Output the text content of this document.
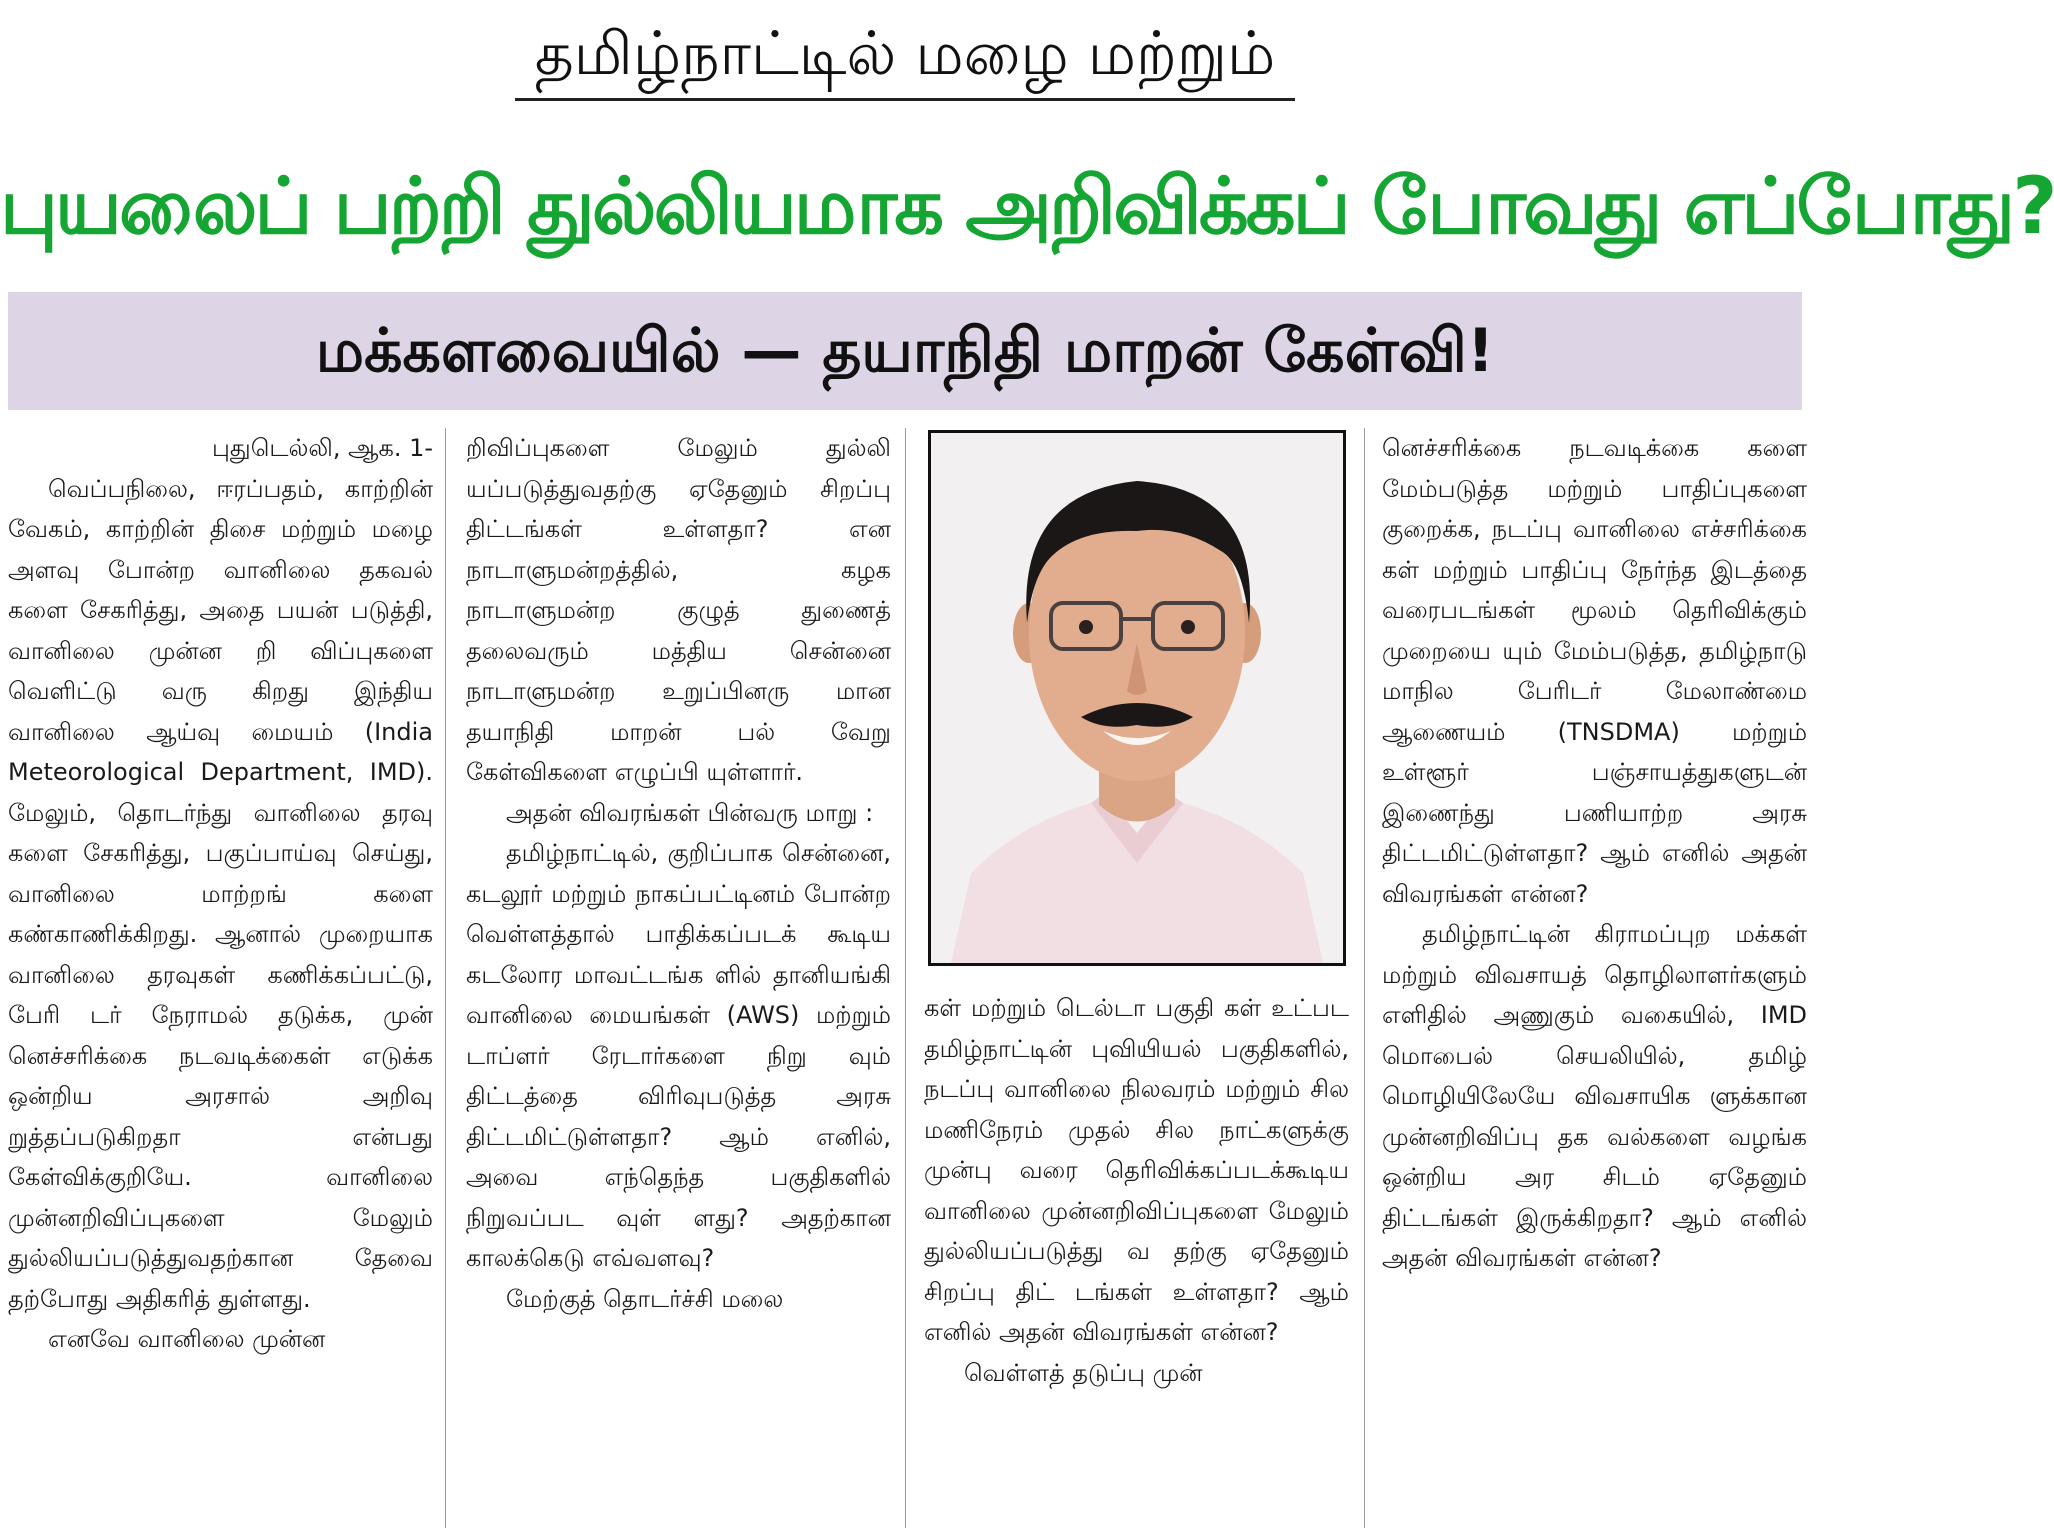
தமிழ்நாட்டில் மழை மற்றும்
புயலைப் பற்றி துல்லியமாக அறிவிக்கப் போவது எப்போது?
மக்களவையில் — தயாநிதி மாறன் கேள்வி!

புதுடெல்லி, ஆக. 1-

வெப்பநிலை, ஈரப்பதம், காற்றின் வேகம், காற்றின் திசை மற்றும் மழை அளவு போன்ற வானிலை தகவல் களை சேகரித்து, அதை பயன் படுத்தி, வானிலை முன்ன றி விப்புகளை வெளிட்டு வரு கிறது இந்திய வானிலை ஆய்வு மையம் (India Meteorological Department, IMD). மேலும், தொடர்ந்து வானிலை தரவு களை சேகரித்து, பகுப்பாய்வு செய்து, வானிலை மாற்றங் களை கண்காணிக்கிறது. ஆனால் முறையாக வானிலை தரவுகள் கணிக்கப்பட்டு, பேரி டர் நேராமல் தடுக்க, முன் னெச்சரிக்கை நடவடிக்கைள் எடுக்க ஒன்றிய அரசால் அறிவு றுத்தப்படுகிறதா என்பது கேள்விக்குறியே. வானிலை முன்னறிவிப்புகளை மேலும் துல்லியப்படுத்துவதற்கான தேவை தற்போது அதிகரித் துள்ளது.

எனவே வானிலை முன்ன

றிவிப்புகளை மேலும் துல்லி யப்படுத்துவதற்கு ஏதேனும் சிறப்பு திட்டங்கள் உள்ளதா? என நாடாளுமன்றத்தில், கழக நாடாளுமன்ற குழுத் துணைத் தலைவரும் மத்திய சென்னை நாடாளுமன்ற உறுப்பினரு மான தயாநிதி மாறன் பல் வேறு கேள்விகளை எழுப்பி யுள்ளார்.

அதன் விவரங்கள் பின்வரு மாறு :

தமிழ்நாட்டில், குறிப்பாக சென்னை, கடலூர் மற்றும் நாகப்பட்டினம் போன்ற வெள்ளத்தால் பாதிக்கப்படக் கூடிய கடலோர மாவட்டங்க ளில் தானியங்கி வானிலை மையங்கள் (AWS) மற்றும் டாப்ளர் ரேடார்களை நிறு வும் திட்டத்தை விரிவுபடுத்த அரசு திட்டமிட்டுள்ளதா? ஆம் எனில், அவை எந்தெந்த பகுதிகளில் நிறுவப்பட வுள் ளது? அதற்கான காலக்கெடு எவ்வளவு?

மேற்குத் தொடர்ச்சி மலை

கள் மற்றும் டெல்டா பகுதி கள் உட்பட தமிழ்நாட்டின் புவியியல் பகுதிகளில், நடப்பு வானிலை நிலவரம் மற்றும் சில மணிநேரம் முதல் சில நாட்களுக்கு முன்பு வரை தெரிவிக்கப்படக்கூடிய வானிலை முன்னறிவிப்புகளை மேலும் துல்லியப்படுத்து வ தற்கு ஏதேனும் சிறப்பு திட் டங்கள் உள்ளதா? ஆம் எனில் அதன் விவரங்கள் என்ன?

வெள்ளத் தடுப்பு முன்

னெச்சரிக்கை நடவடிக்கை களை மேம்படுத்த மற்றும் பாதிப்புகளை குறைக்க, நடப்பு வானிலை எச்சரிக்கை கள் மற்றும் பாதிப்பு நேர்ந்த இடத்தை வரைபடங்கள் மூலம் தெரிவிக்கும் முறையை யும் மேம்படுத்த, தமிழ்நாடு மாநில பேரிடர் மேலாண்மை ஆணையம் (TNSDMA) மற்றும் உள்ளூர் பஞ்சாயத்துகளுடன் இணைந்து பணியாற்ற அரசு திட்டமிட்டுள்ளதா? ஆம் எனில் அதன் விவரங்கள் என்ன?

தமிழ்நாட்டின் கிராமப்புற மக்கள் மற்றும் விவசாயத் தொழிலாளர்களும் எளிதில் அணுகும் வகையில், IMD மொபைல் செயலியில், தமிழ் மொழியிலேயே விவசாயிக ளுக்கான முன்னறிவிப்பு தக வல்களை வழங்க ஒன்றிய அர சிடம் ஏதேனும் திட்டங்கள் இருக்கிறதா? ஆம் எனில் அதன் விவரங்கள் என்ன?
